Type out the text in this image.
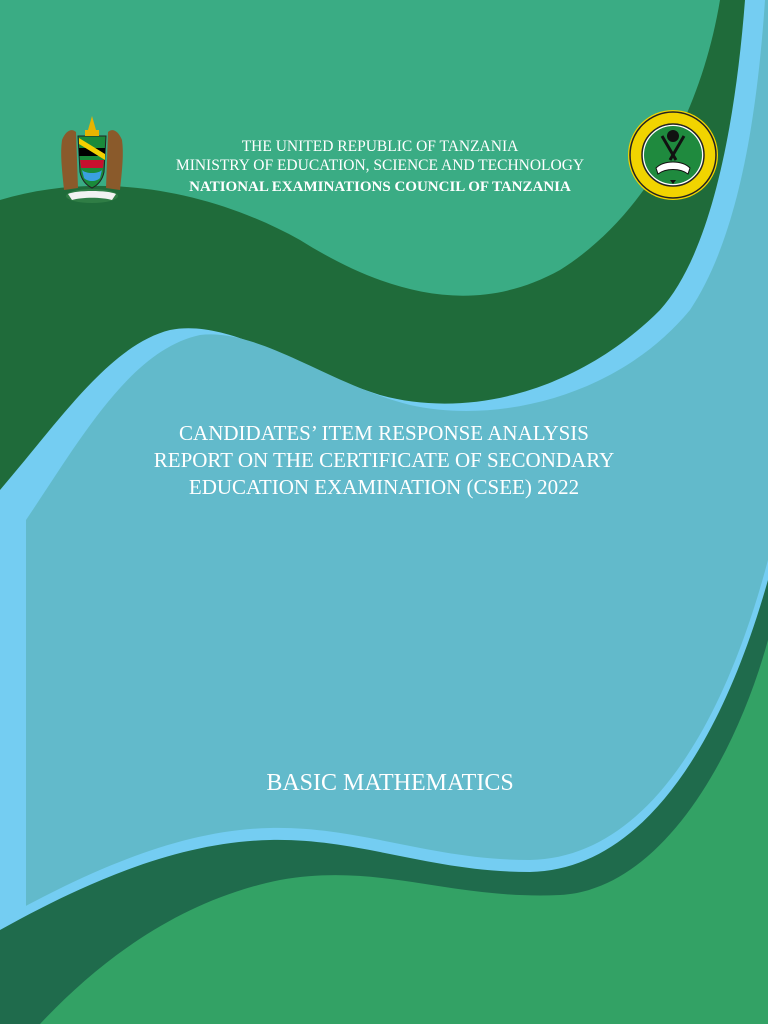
THE UNITED REPUBLIC OF TANZANIA
MINISTRY OF EDUCATION, SCIENCE AND TECHNOLOGY
NATIONAL EXAMINATIONS COUNCIL OF TANZANIA
CANDIDATES’ ITEM RESPONSE ANALYSIS
REPORT ON THE CERTIFICATE OF SECONDARY
EDUCATION EXAMINATION (CSEE) 2022
BASIC MATHEMATICS
